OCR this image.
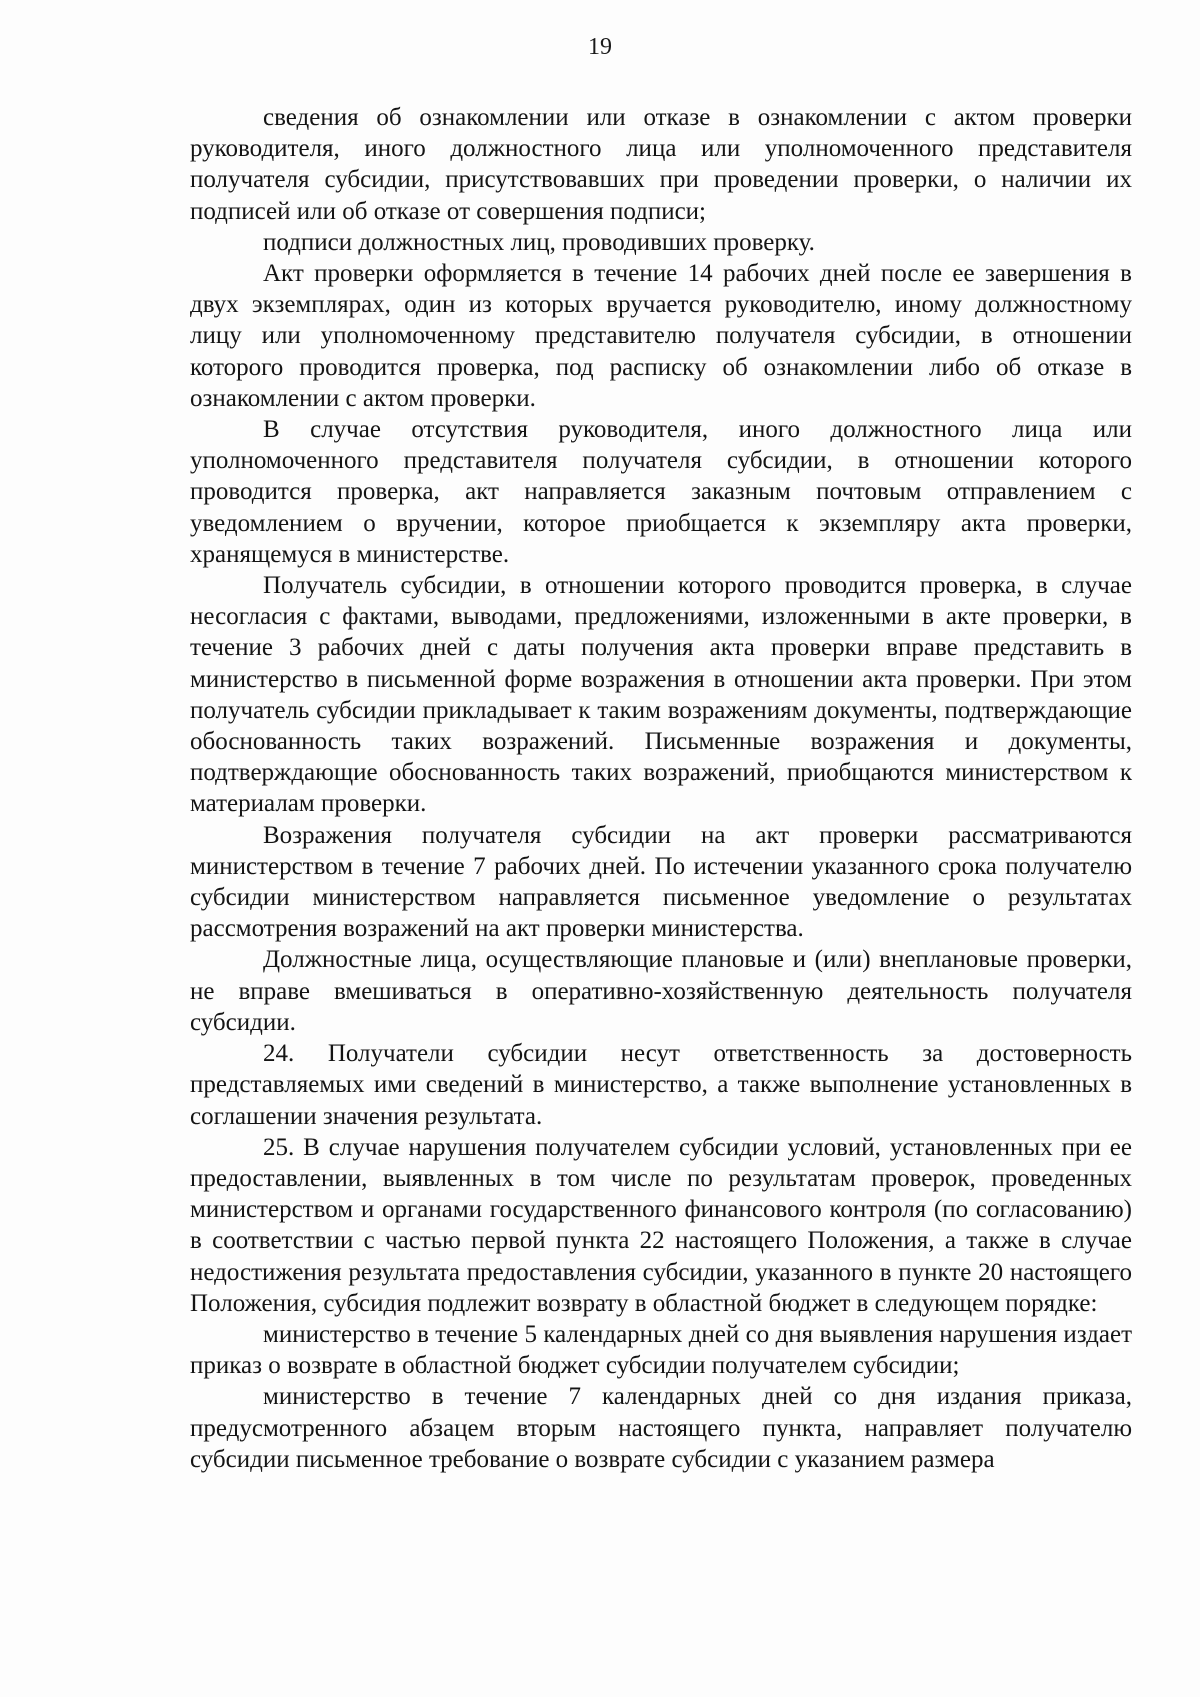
19

сведения об ознакомлении или отказе в ознакомлении с актом проверки руководителя, иного должностного лица или уполномоченного представителя получателя субсидии, присутствовавших при проведении проверки, о наличии их подписей или об отказе от совершения подписи;

подписи должностных лиц, проводивших проверку.

Акт проверки оформляется в течение 14 рабочих дней после ее завершения в двух экземплярах, один из которых вручается руководителю, иному должностному лицу или уполномоченному представителю получателя субсидии, в отношении которого проводится проверка, под расписку об ознакомлении либо об отказе в ознакомлении с актом проверки.

В случае отсутствия руководителя, иного должностного лица или уполномоченного представителя получателя субсидии, в отношении которого проводится проверка, акт направляется заказным почтовым отправлением с уведомлением о вручении, которое приобщается к экземпляру акта проверки, хранящемуся в министерстве.

Получатель субсидии, в отношении которого проводится проверка, в случае несогласия с фактами, выводами, предложениями, изложенными в акте проверки, в течение 3 рабочих дней с даты получения акта проверки вправе представить в министерство в письменной форме возражения в отношении акта проверки. При этом получатель субсидии прикладывает к таким возражениям документы, подтверждающие обоснованность таких возражений. Письменные возражения и документы, подтверждающие обоснованность таких возражений, приобщаются министерством к материалам проверки.

Возражения получателя субсидии на акт проверки рассматриваются министерством в течение 7 рабочих дней. По истечении указанного срока получателю субсидии министерством направляется письменное уведомление о результатах рассмотрения возражений на акт проверки министерства.

Должностные лица, осуществляющие плановые и (или) внеплановые проверки, не вправе вмешиваться в оперативно-хозяйственную деятельность получателя субсидии.

24. Получатели субсидии несут ответственность за достоверность представляемых ими сведений в министерство, а также выполнение установленных в соглашении значения результата.

25. В случае нарушения получателем субсидии условий, установленных при ее предоставлении, выявленных в том числе по результатам проверок, проведенных министерством и органами государственного финансового контроля (по согласованию) в соответствии с частью первой пункта 22 настоящего Положения, а также в случае недостижения результата предоставления субсидии, указанного в пункте 20 настоящего Положения, субсидия подлежит возврату в областной бюджет в следующем порядке:

министерство в течение 5 календарных дней со дня выявления нарушения издает приказ о возврате в областной бюджет субсидии получателем субсидии;

министерство в течение 7 календарных дней со дня издания приказа, предусмотренного абзацем вторым настоящего пункта, направляет получателю субсидии письменное требование о возврате субсидии с указанием размера
